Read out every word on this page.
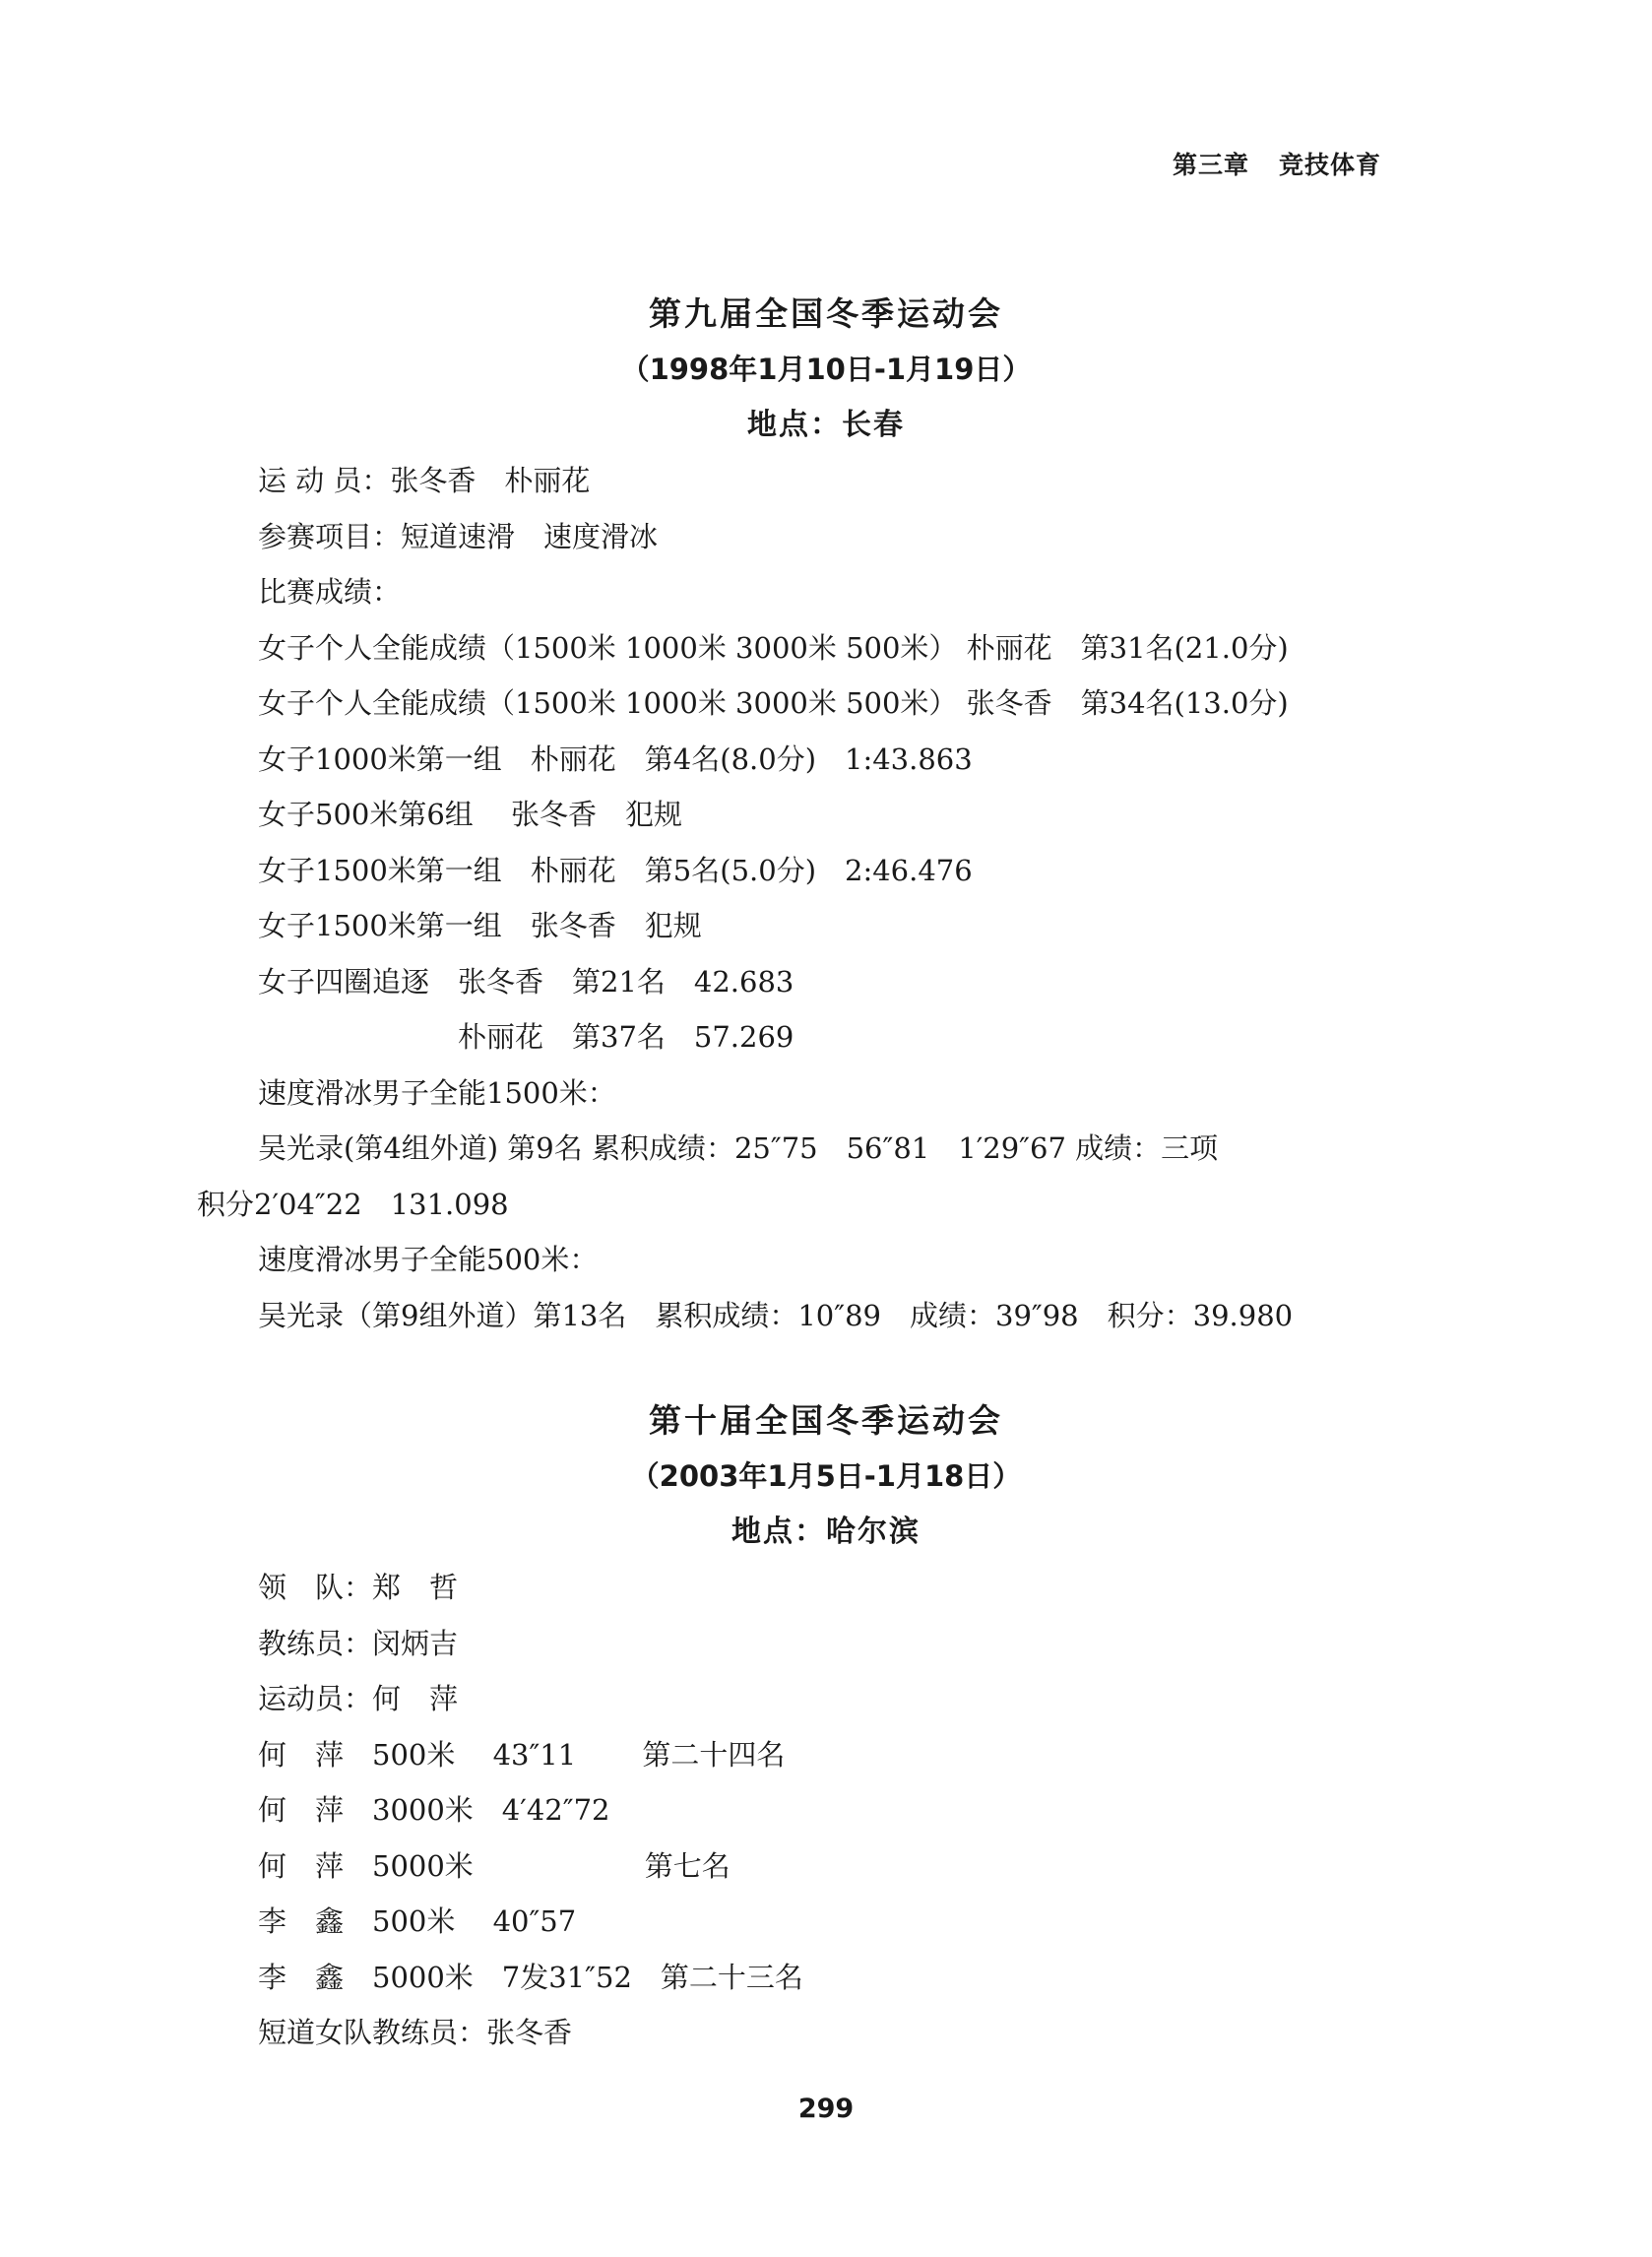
第三章 竞技体育
第九届全国冬季运动会
（1998年1月10日-1月19日）
地点：长春
运 动 员：张冬香　朴丽花
参赛项目：短道速滑　速度滑冰
比赛成绩：
女子个人全能成绩（1500米 1000米 3000米 500米） 朴丽花　第31名(21.0分)
女子个人全能成绩（1500米 1000米 3000米 500米） 张冬香　第34名(13.0分)
女子1000米第一组　朴丽花　第4名(8.0分)　1:43.863
女子500米第6组　 张冬香　犯规
女子1500米第一组　朴丽花　第5名(5.0分)　2:46.476
女子1500米第一组　张冬香　犯规
女子四圈追逐　张冬香　第21名　42.683
　　　　　　　朴丽花　第37名　57.269
速度滑冰男子全能1500米：
吴光录(第4组外道) 第9名 累积成绩：25″75　56″81　1′29″67 成绩：三项
积分2′04″22　131.098
速度滑冰男子全能500米：
吴光录（第9组外道）第13名　累积成绩：10″89　成绩：39″98　积分：39.980
第十届全国冬季运动会
（2003年1月5日-1月18日）
地点：哈尔滨
领　队：郑　哲
教练员：闵炳吉
运动员：何　萍
何　萍　500米　 43″11　　 第二十四名
何　萍　3000米　4′42″72
何　萍　5000米　　　　　　第七名
李　鑫　500米　 40″57
李　鑫　5000米　7发31″52　第二十三名
短道女队教练员：张冬香
299
